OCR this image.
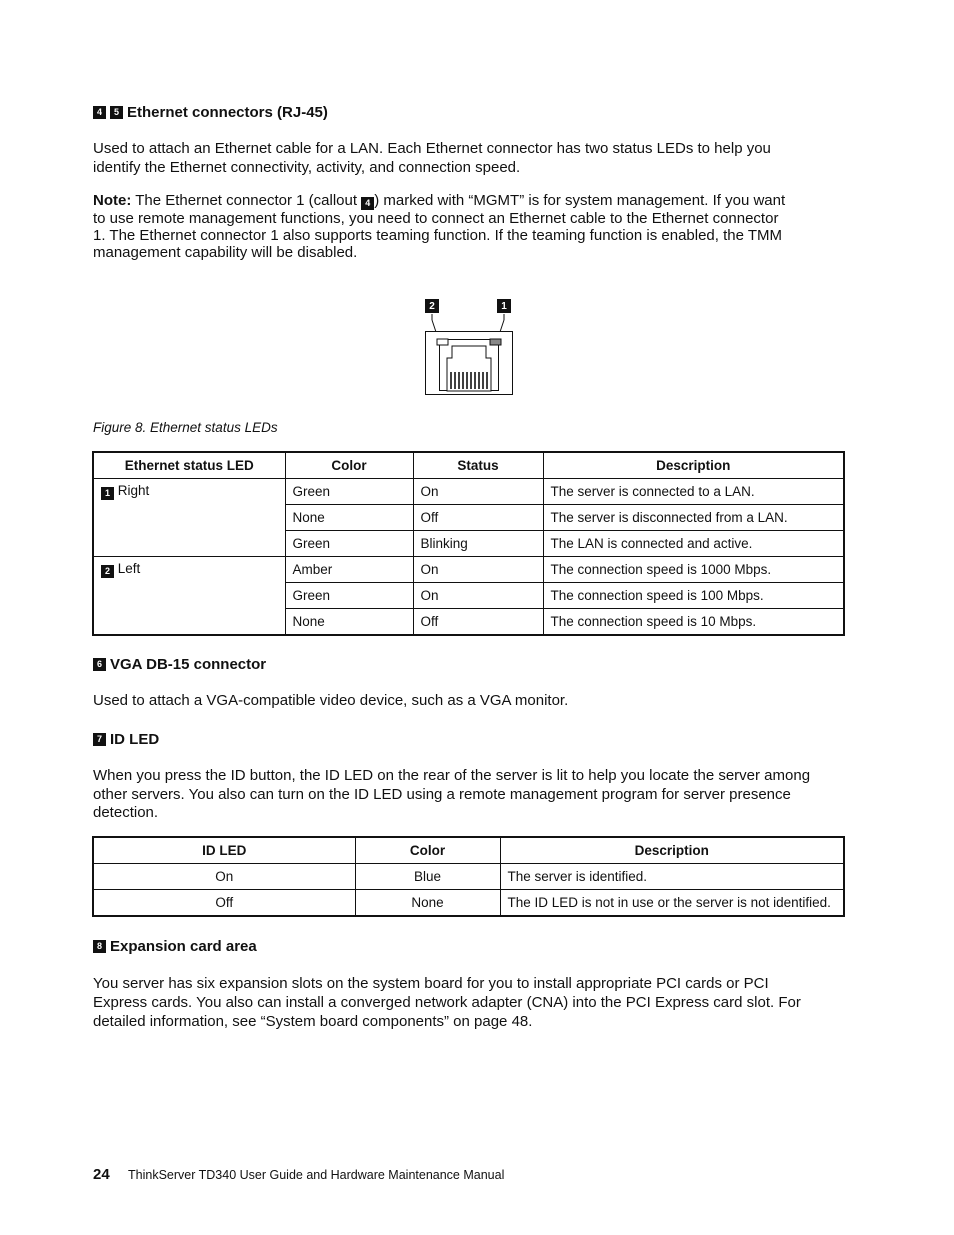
4	5 Ethernet connectors (RJ-45)
Used to attach an Ethernet cable for a LAN. Each Ethernet connector has two status LEDs to help you
identify the Ethernet connectivity, activity, and connection speed.
Note: The Ethernet connector 1 (callout 4 ) marked with “MGMT” is for system management. If you want
to use remote management functions, you need to connect an Ethernet cable to the Ethernet connector
1. The Ethernet connector 1 also supports teaming function. If the teaming function is enabled, the TMM
management capability will be disabled.
2	1
Figure 8. Ethernet status LEDs
Ethernet status LED	Color	Status	Description
1 Right	Green	On	The server is connected to a LAN.
	None	Off	The server is disconnected from a LAN.
	Green	Blinking	The LAN is connected and active.
2 Left	Amber	On	The connection speed is 1000 Mbps.
	Green	On	The connection speed is 100 Mbps.
	None	Off	The connection speed is 10 Mbps.
6 VGA DB-15 connector
Used to attach a VGA-compatible video device, such as a VGA monitor.
7 ID LED
When you press the ID button, the ID LED on the rear of the server is lit to help you locate the server among
other servers. You also can turn on the ID LED using a remote management program for server presence
detection.
ID LED	Color	Description
On	Blue	The server is identified.
Off	None	The ID LED is not in use or the server is not identified.
8 Expansion card area
You server has six expansion slots on the system board for you to install appropriate PCI cards or PCI
Express cards. You also can install a converged network adapter (CNA) into the PCI Express card slot. For
detailed information, see “System board components” on page 48.
24 ThinkServer TD340 User Guide and Hardware Maintenance Manual
